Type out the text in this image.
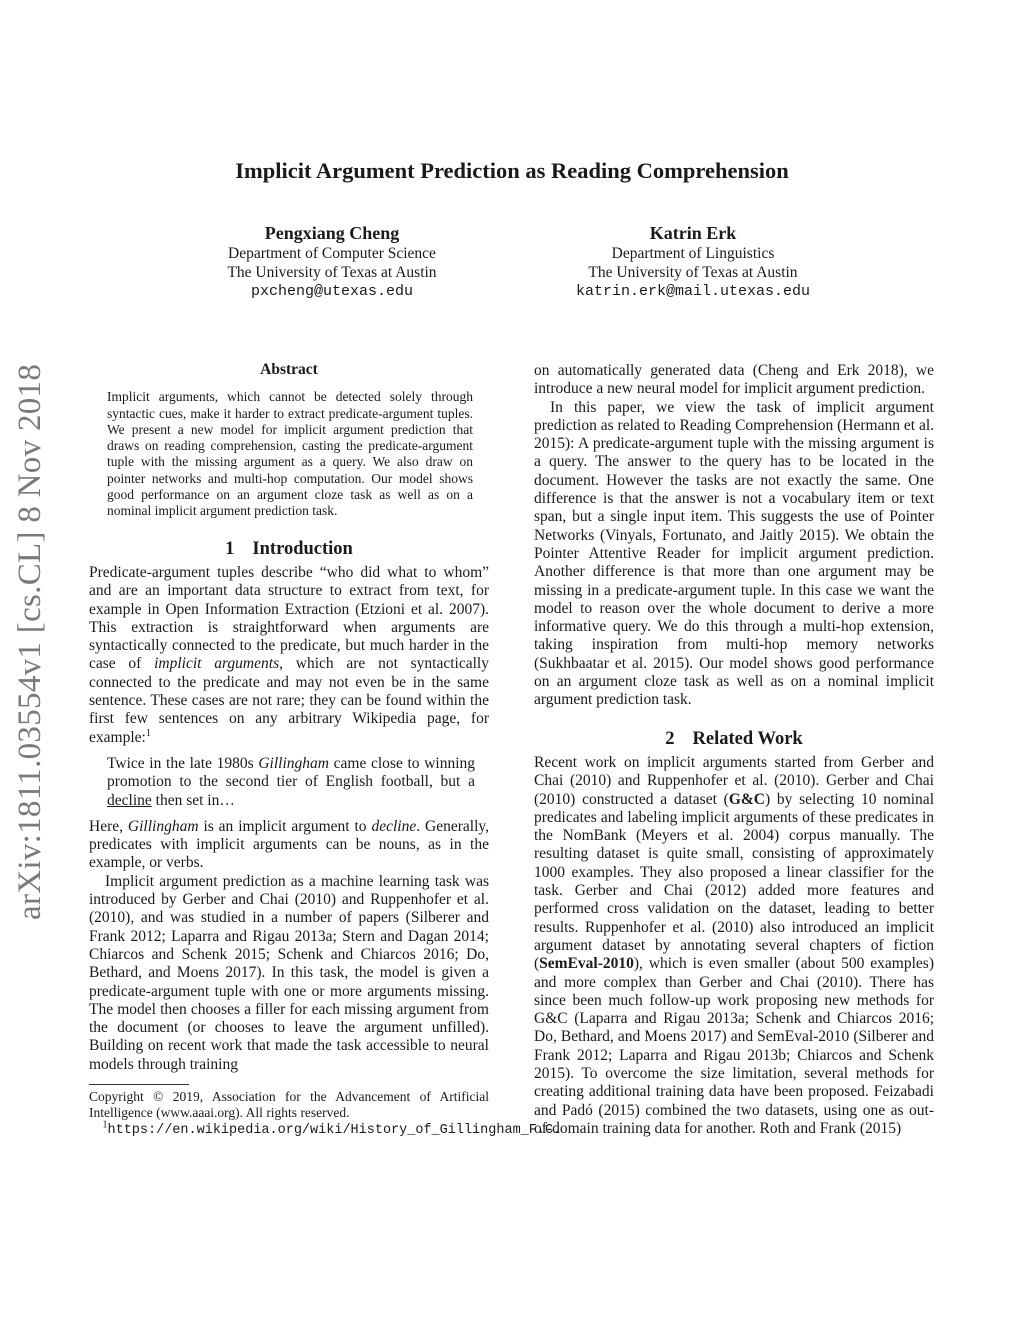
Implicit Argument Prediction as Reading Comprehension
Pengxiang Cheng
Department of Computer Science
The University of Texas at Austin
pxcheng@utexas.edu
Katrin Erk
Department of Linguistics
The University of Texas at Austin
katrin.erk@mail.utexas.edu
arXiv:1811.03554v1 [cs.CL] 8 Nov 2018	Abstract

Implicit arguments, which cannot be detected solely through syntactic cues, make it harder to extract predicate-argument tuples. We present a new model for implicit argument prediction that draws on reading comprehension, casting the predicate-argument tuple with the missing argument as a query. We also draw on pointer networks and multi-hop computation. Our model shows good performance on an argument cloze task as well as on a nominal implicit argument prediction task.

1 Introduction

Predicate-argument tuples describe “who did what to whom” and are an important data structure to extract from text, for example in Open Information Extraction (Etzioni et al. 2007). This extraction is straightforward when arguments are syntactically connected to the predicate, but much harder in the case of implicit arguments, which are not syntactically connected to the predicate and may not even be in the same sentence. These cases are not rare; they can be found within the first few sentences on any arbitrary Wikipedia page, for example:$^1$

Twice in the late 1980s Gillingham came close to winning promotion to the second tier of English football, but a decline then set in…

Here, Gillingham is an implicit argument to decline. Generally, predicates with implicit arguments can be nouns, as in the example, or verbs.

Implicit argument prediction as a machine learning task was introduced by Gerber and Chai (2010) and Ruppenhofer et al. (2010), and was studied in a number of papers (Silberer and Frank 2012; Laparra and Rigau 2013a; Stern and Dagan 2014; Chiarcos and Schenk 2015; Schenk and Chiarcos 2016; Do, Bethard, and Moens 2017). In this task, the model is given a predicate-argument tuple with one or more arguments missing. The model then chooses a filler for each missing argument from the document (or chooses to leave the argument unfilled). Building on recent work that made the task accessible to neural models through training

Copyright © 2019, Association for the Advancement of Artificial Intelligence (www.aaai.org). All rights reserved.

$^1$https://en.wikipedia.org/wiki/History_of_Gillingham_F.C.

on automatically generated data (Cheng and Erk 2018), we introduce a new neural model for implicit argument prediction.

In this paper, we view the task of implicit argument prediction as related to Reading Comprehension (Hermann et al. 2015): A predicate-argument tuple with the missing argument is a query. The answer to the query has to be located in the document. However the tasks are not exactly the same. One difference is that the answer is not a vocabulary item or text span, but a single input item. This suggests the use of Pointer Networks (Vinyals, Fortunato, and Jaitly 2015). We obtain the Pointer Attentive Reader for implicit argument prediction. Another difference is that more than one argument may be missing in a predicate-argument tuple. In this case we want the model to reason over the whole document to derive a more informative query. We do this through a multi-hop extension, taking inspiration from multi-hop memory networks (Sukhbaatar et al. 2015). Our model shows good performance on an argument cloze task as well as on a nominal implicit argument prediction task.

2 Related Work

Recent work on implicit arguments started from Gerber and Chai (2010) and Ruppenhofer et al. (2010). Gerber and Chai (2010) constructed a dataset (G&C) by selecting 10 nominal predicates and labeling implicit arguments of these predicates in the NomBank (Meyers et al. 2004) corpus manually. The resulting dataset is quite small, consisting of approximately 1000 examples. They also proposed a linear classifier for the task. Gerber and Chai (2012) added more features and performed cross validation on the dataset, leading to better results. Ruppenhofer et al. (2010) also introduced an implicit argument dataset by annotating several chapters of fiction (SemEval-2010), which is even smaller (about 500 examples) and more complex than Gerber and Chai (2010). There has since been much follow-up work proposing new methods for G&C (Laparra and Rigau 2013a; Schenk and Chiarcos 2016; Do, Bethard, and Moens 2017) and SemEval-2010 (Silberer and Frank 2012; Laparra and Rigau 2013b; Chiarcos and Schenk 2015). To overcome the size limitation, several methods for creating additional training data have been proposed. Feizabadi and Padó (2015) combined the two datasets, using one as out-of-domain training data for another. Roth and Frank (2015)
